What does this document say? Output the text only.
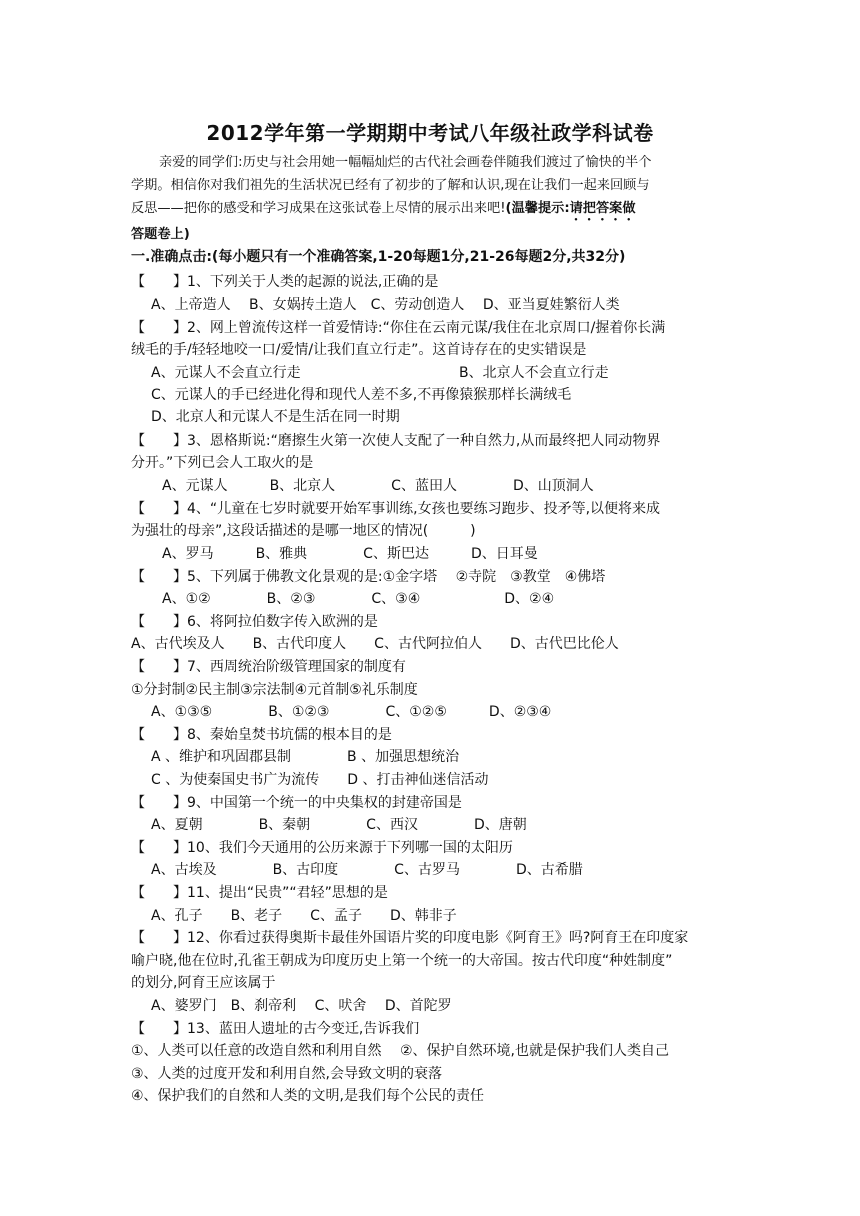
2012学年第一学期期中考试八年级社政学科试卷
亲爱的同学们:历史与社会用她一幅幅灿烂的古代社会画卷伴随我们渡过了愉快的半个
学期。相信你对我们祖先的生活状况已经有了初步的了解和认识,现在让我们一起来回顾与
反思——把你的感受和学习成果在这张试卷上尽情的展示出来吧!(温馨提示:请把答案做
答题卷上)
一.准确点击:(每小题只有一个准确答案,1-20每题1分,21-26每题2分,共32分)
【　　】1、下列关于人类的起源的说法,正确的是
A、上帝造人　 B、女娲抟土造人　C、劳动创造人　 D、亚当夏娃繁衍人类
【　　】2、网上曾流传这样一首爱情诗:“你住在云南元谋/我住在北京周口/握着你长满
绒毛的手/轻轻地咬一口/爱情/让我们直立行走”。这首诗存在的史实错误是
A、元谋人不会直立行走	B、北京人不会直立行走
C、元谋人的手已经进化得和现代人差不多,不再像猿猴那样长满绒毛
D、北京人和元谋人不是生活在同一时期
【　　】3、恩格斯说:“磨擦生火第一次使人支配了一种自然力,从而最终把人同动物界
分开。”下列已会人工取火的是
A、元谋人　　　B、北京人　　　　C、蓝田人　　　　D、山顶洞人
【　　】4、“儿童在七岁时就要开始军事训练,女孩也要练习跑步、投矛等,以便将来成
为强壮的母亲”,这段话描述的是哪一地区的情况(　　　)
A、罗马　　　B、雅典　　　　C、斯巴达　　　D、日耳曼
【　　】5、下列属于佛教文化景观的是:①金字塔　 ②寺院　③教堂　④佛塔
A、①②　　　　B、②③　　　　C、③④　　　　　　D、②④
【　　】6、将阿拉伯数字传入欧洲的是
A、古代埃及人　　B、古代印度人　　C、古代阿拉伯人　　D、古代巴比伦人
【　　】7、西周统治阶级管理国家的制度有
①分封制②民主制③宗法制④元首制⑤礼乐制度
A、①③⑤　　　　B、①②③　　　　C、①②⑤　　　D、②③④
【　　】8、秦始皇焚书坑儒的根本目的是
A 、维护和巩固郡县制　　　　B 、加强思想统治
C 、为使秦国史书广为流传　　D 、打击神仙迷信活动
【　　】9、中国第一个统一的中央集权的封建帝国是
A、夏朝　　　　B、秦朝　　　　C、西汉　　　　D、唐朝
【　　】10、我们今天通用的公历来源于下列哪一国的太阳历
A、古埃及　　　　B、古印度　　　　C、古罗马　　　　D、古希腊
【　　】11、提出“民贵”“君轻”思想的是
A、孔子　　B、老子　　C、孟子　　D、韩非子
【　　】12、你看过获得奥斯卡最佳外国语片奖的印度电影《阿育王》吗?阿育王在印度家
喻户晓,他在位时,孔雀王朝成为印度历史上第一个统一的大帝国。按古代印度“种姓制度”
的划分,阿育王应该属于
A、婆罗门　B、刹帝利　 C、吠舍　 D、首陀罗
【　　】13、蓝田人遗址的古今变迁,告诉我们
①、人类可以任意的改造自然和利用自然　 ②、保护自然环境,也就是保护我们人类自己
③、人类的过度开发和利用自然,会导致文明的衰落
④、保护我们的自然和人类的文明,是我们每个公民的责任
